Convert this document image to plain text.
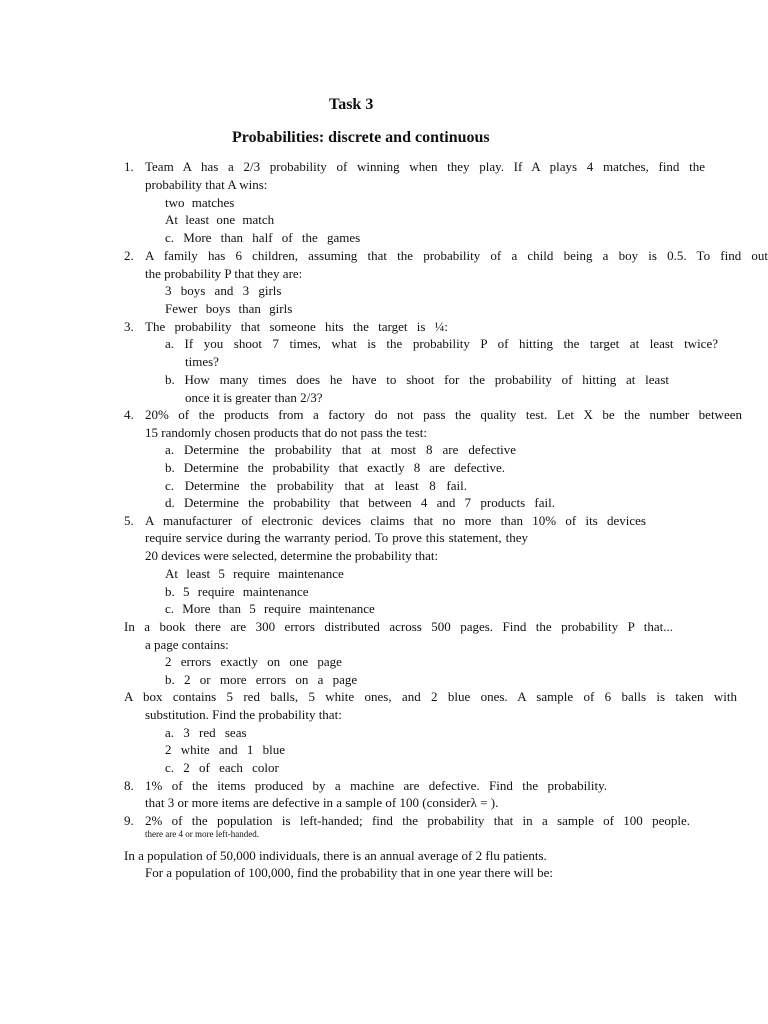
Task 3
Probabilities: discrete and continuous
1. Team A has a 2/3 probability of winning when they play. If A plays 4 matches, find the
probability that A wins:
two matches
At least one match
c. More than half of the games
2. A family has 6 children, assuming that the probability of a child being a boy is 0.5. To find out
the probability P that they are:
3 boys and 3 girls
Fewer boys than girls
3. The probability that someone hits the target is ¼:
a. If you shoot 7 times, what is the probability P of hitting the target at least twice?
times?
b. How many times does he have to shoot for the probability of hitting at least
once it is greater than 2/3?
4. 20% of the products from a factory do not pass the quality test. Let X be the number between
15 randomly chosen products that do not pass the test:
a. Determine the probability that at most 8 are defective
b. Determine the probability that exactly 8 are defective.
c. Determine the probability that at least 8 fail.
d. Determine the probability that between 4 and 7 products fail.
5. A manufacturer of electronic devices claims that no more than 10% of its devices
require service during the warranty period. To prove this statement, they
20 devices were selected, determine the probability that:
At least 5 require maintenance
b. 5 require maintenance
c. More than 5 require maintenance
In a book there are 300 errors distributed across 500 pages. Find the probability P that...
a page contains:
2 errors exactly on one page
b. 2 or more errors on a page
A box contains 5 red balls, 5 white ones, and 2 blue ones. A sample of 6 balls is taken with
substitution. Find the probability that:
a. 3 red seas
2 white and 1 blue
c. 2 of each color
8. 1% of the items produced by a machine are defective. Find the probability.
that 3 or more items are defective in a sample of 100 (considerλ = ).
9. 2% of the population is left-handed; find the probability that in a sample of 100 people.
there are 4 or more left-handed.
In a population of 50,000 individuals, there is an annual average of 2 flu patients.
For a population of 100,000, find the probability that in one year there will be:
